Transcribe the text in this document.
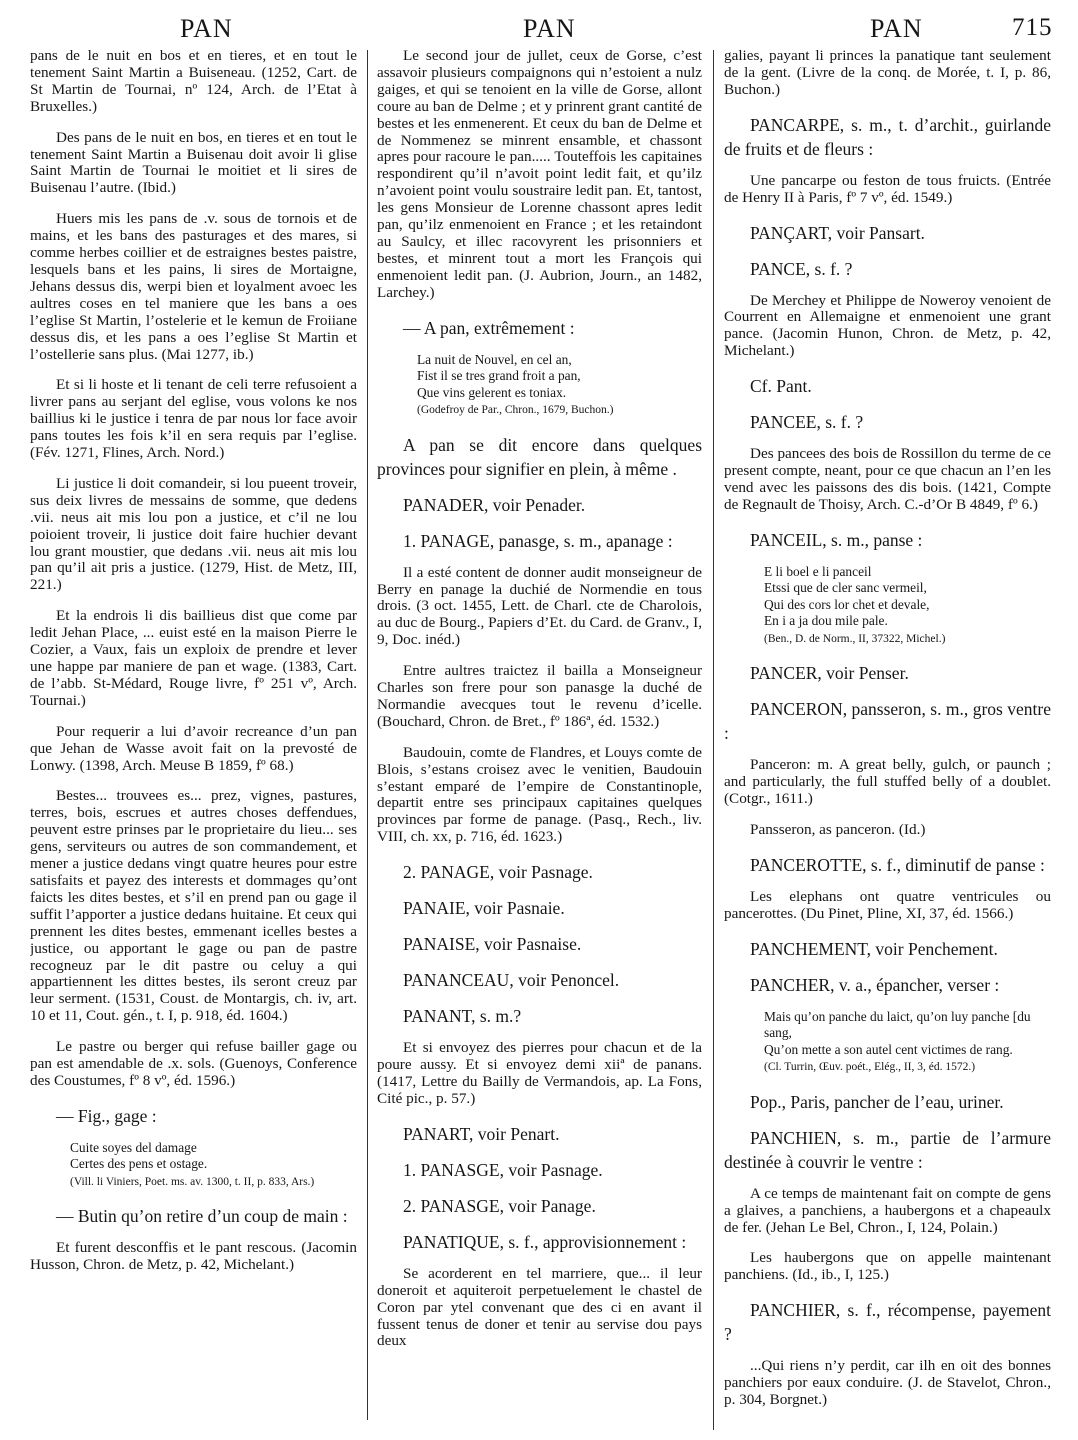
PAN	PAN	PAN	715

pans de le nuit en bos et en tieres, et en tout le tenement Saint Martin a Buiseneau. (1252, Cart. de St Martin de Tournai, nº 124, Arch. de l’Etat à Bruxelles.)

Des pans de le nuit en bos, en tieres et en tout le tenement Saint Martin a Buisenau doit avoir li glise Saint Martin de Tournai le moitiet et li sires de Buisenau l’autre. (Ibid.)

Huers mis les pans de .v. sous de tornois et de mains, et les bans des pasturages et des mares, si comme herbes coillier et de estraignes bestes paistre, lesquels bans et les pains, li sires de Mortaigne, Jehans dessus dis, werpi bien et loyalment avoec les aultres coses en tel maniere que les bans a oes l’eglise St Martin, l’ostelerie et le kemun de Froiiane dessus dis, et les pans a oes l’eglise St Martin et l’ostellerie sans plus. (Mai 1277, ib.)

Et si li hoste et li tenant de celi terre refusoient a livrer pans au serjant del eglise, vous volons ke nos baillius ki le justice i tenra de par nous lor face avoir pans toutes les fois k’il en sera requis par l’eglise. (Fév. 1271, Flines, Arch. Nord.)

Li justice li doit comandeir, si lou pueent troveir, sus deix livres de messains de somme, que dedens .vii. neus ait mis lou pon a justice, et c’il ne lou poioient troveir, li justice doit faire huchier devant lou grant moustier, que dedans .vii. neus ait mis lou pan qu’il ait pris a justice. (1279, Hist. de Metz, III, 221.)

Et la endrois li dis baillieus dist que come par ledit Jehan Place, ... euist esté en la maison Pierre le Cozier, a Vaux, fais un exploix de prendre et lever une happe par maniere de pan et wage. (1383, Cart. de l’abb. St-Médard, Rouge livre, fº 251 vº, Arch. Tournai.)

Pour requerir a lui d’avoir recreance d’un pan que Jehan de Wasse avoit fait on la prevosté de Lonwy. (1398, Arch. Meuse B 1859, fº 68.)

Bestes... trouvees es... prez, vignes, pastures, terres, bois, escrues et autres choses deffendues, peuvent estre prinses par le proprietaire du lieu... ses gens, serviteurs ou autres de son commandement, et mener a justice dedans vingt quatre heures pour estre satisfaits et payez des interests et dommages qu’ont faicts les dites bestes, et s’il en prend pan ou gage il suffit l’apporter a justice dedans huitaine. Et ceux qui prennent les dites bestes, emmenant icelles bestes a justice, ou apportant le gage ou pan de pastre recogneuz par le dit pastre ou celuy a qui appartiennent les dittes bestes, ils seront creuz par leur serment. (1531, Coust. de Montargis, ch. iv, art. 10 et 11, Cout. gén., t. I, p. 918, éd. 1604.)

Le pastre ou berger qui refuse bailler gage ou pan est amendable de .x. sols. (Guenoys, Conference des Coustumes, fº 8 vº, éd. 1596.)

— Fig., gage :

Cuite soyes del damage

Certes des pens et ostage.

(Vill. li Viniers, Poet. ms. av. 1300, t. II, p. 833, Ars.)

— Butin qu’on retire d’un coup de main :

Et furent desconffis et le pant rescous. (Jacomin Husson, Chron. de Metz, p. 42, Michelant.)

Le second jour de jullet, ceux de Gorse, c’est assavoir plusieurs compaignons qui n’estoient a nulz gaiges, et qui se tenoient en la ville de Gorse, allont coure au ban de Delme ; et y prinrent grant cantité de bestes et les enmenerent. Et ceux du ban de Delme et de Nommenez se minrent ensamble, et chassont apres pour racoure le pan..... Touteffois les capitaines respondirent qu’il n’avoit point ledit fait, et qu’ilz n’avoient point voulu soustraire ledit pan. Et, tantost, les gens Monsieur de Lorenne chassont apres ledit pan, qu’ilz enmenoient en France ; et les retaindont au Saulcy, et illec racovyrent les prisonniers et bestes, et minrent tout a mort les François qui enmenoient ledit pan. (J. Aubrion, Journ., an 1482, Larchey.)

— A pan, extrêmement :

La nuit de Nouvel, en cel an,

Fist il se tres grand froit a pan,

Que vins gelerent es toniax.

(Godefroy de Par., Chron., 1679, Buchon.)

A pan se dit encore dans quelques provinces pour signifier en plein, à même .

PANADER, voir Penader.

1. PANAGE, panasge, s. m., apanage :

Il a esté content de donner audit monseigneur de Berry en panage la duchié de Normendie en tous drois. (3 oct. 1455, Lett. de Charl. cte de Charolois, au duc de Bourg., Papiers d’Et. du Card. de Granv., I, 9, Doc. inéd.)

Entre aultres traictez il bailla a Monseigneur Charles son frere pour son panasge la duché de Normandie avecques tout le revenu d’icelle. (Bouchard, Chron. de Bret., fº 186ª, éd. 1532.)

Baudouin, comte de Flandres, et Louys comte de Blois, s’estans croisez avec le venitien, Baudouin s’estant emparé de l’empire de Constantinople, departit entre ses principaux capitaines quelques provinces par forme de panage. (Pasq., Rech., liv. VIII, ch. xx, p. 716, éd. 1623.)

2. PANAGE, voir Pasnage.

PANAIE, voir Pasnaie.

PANAISE, voir Pasnaise.

PANANCEAU, voir Penoncel.

PANANT, s. m.?

Et si envoyez des pierres pour chacun et de la poure aussy. Et si envoyez demi xiiª de panans. (1417, Lettre du Bailly de Vermandois, ap. La Fons, Cité pic., p. 57.)

PANART, voir Penart.

1. PANASGE, voir Pasnage.

2. PANASGE, voir Panage.

PANATIQUE, s. f., approvisionnement :

Se acorderent en tel marriere, que... il leur doneroit et aquiteroit perpetuelement le chastel de Coron par ytel convenant que des ci en avant il fussent tenus de doner et tenir au servise dou pays deux

galies, payant li princes la panatique tant seulement de la gent. (Livre de la conq. de Morée, t. I, p. 86, Buchon.)

PANCARPE, s. m., t. d’archit., guirlande de fruits et de fleurs :

Une pancarpe ou feston de tous fruicts. (Entrée de Henry II à Paris, fº 7 vº, éd. 1549.)

PANÇART, voir Pansart.

PANCE, s. f. ?

De Merchey et Philippe de Noweroy venoient de Courrent en Allemaigne et enmenoient une grant pance. (Jacomin Hunon, Chron. de Metz, p. 42, Michelant.)

Cf. Pant.

PANCEE, s. f. ?

Des pancees des bois de Rossillon du terme de ce present compte, neant, pour ce que chacun an l’en les vend avec les paissons des dis bois. (1421, Compte de Regnault de Thoisy, Arch. C.-d’Or B 4849, fº 6.)

PANCEIL, s. m., panse :

E li boel e li panceil

Etssi que de cler sanc vermeil,

Qui des cors lor chet et devale,

En i a ja dou mile pale.

(Ben., D. de Norm., II, 37322, Michel.)

PANCER, voir Penser.

PANCERON, pansseron, s. m., gros ventre :

Panceron: m. A great belly, gulch, or paunch ; and particularly, the full stuffed belly of a doublet. (Cotgr., 1611.)

Pansseron, as panceron. (Id.)

PANCEROTTE, s. f., diminutif de panse :

Les elephans ont quatre ventricules ou pancerottes. (Du Pinet, Pline, XI, 37, éd. 1566.)

PANCHEMENT, voir Penchement.

PANCHER, v. a., épancher, verser :

Mais qu’on panche du laict, qu’on luy panche [du sang,

Qu’on mette a son autel cent victimes de rang.

(Cl. Turrin, Œuv. poét., Elég., II, 3, éd. 1572.)

Pop., Paris, pancher de l’eau, uriner.

PANCHIEN, s. m., partie de l’armure destinée à couvrir le ventre :

A ce temps de maintenant fait on compte de gens a glaives, a panchiens, a haubergons et a chapeaulx de fer. (Jehan Le Bel, Chron., I, 124, Polain.)

Les haubergons que on appelle maintenant panchiens. (Id., ib., I, 125.)

PANCHIER, s. f., récompense, payement ?

...Qui riens n’y perdit, car ilh en oit des bonnes panchiers por eaux conduire. (J. de Stavelot, Chron., p. 304, Borgnet.)
